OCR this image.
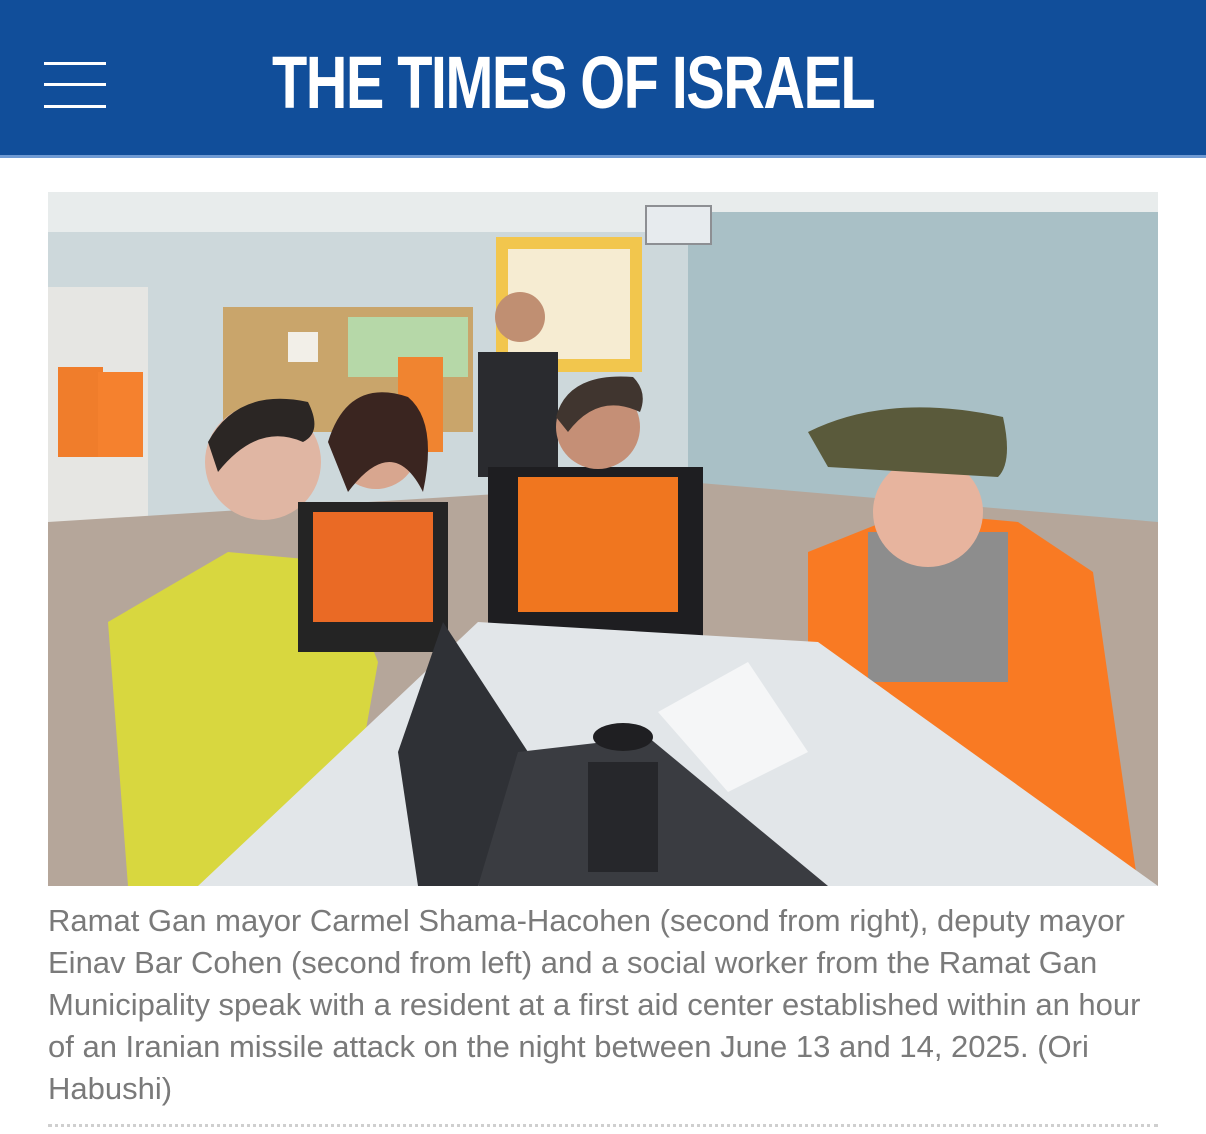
THE TIMES OF ISRAEL

Ramat Gan mayor Carmel Shama-Hacohen (second from right), deputy mayor Einav Bar Cohen (second from left) and a social worker from the Ramat Gan Municipality speak with a resident at a first aid center established within an hour of an Iranian missile attack on the night between June 13 and 14, 2025. (Ori Habushi)
